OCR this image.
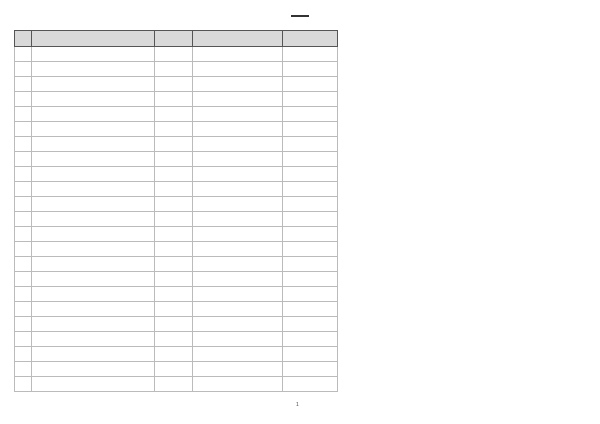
1
